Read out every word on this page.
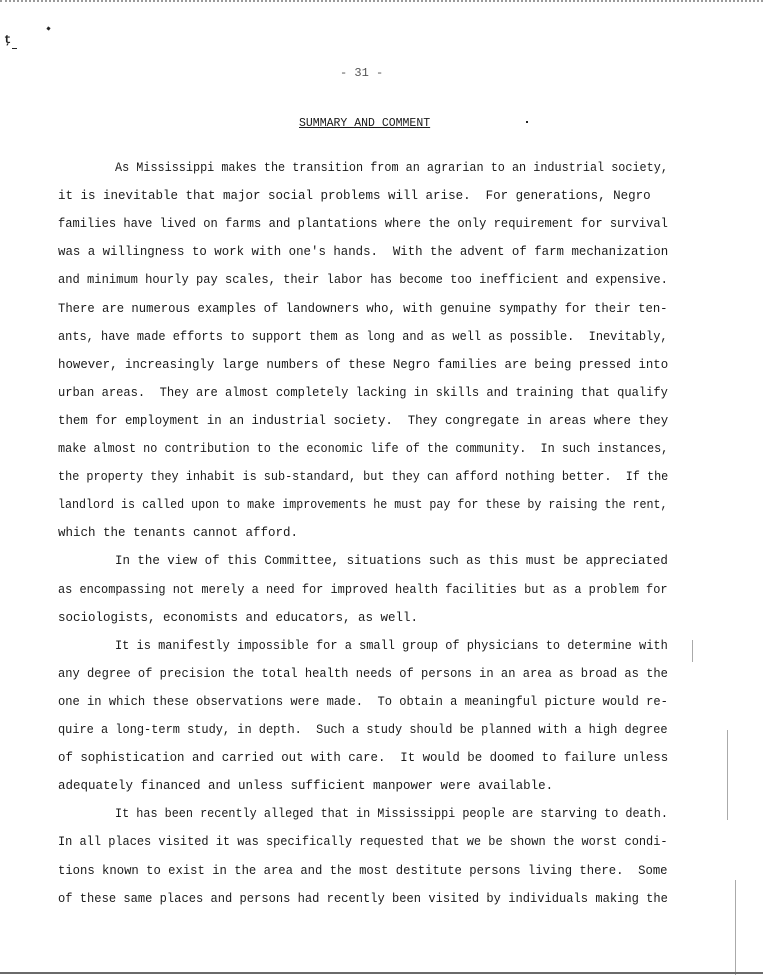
ţ
- 31 -
SUMMARY AND COMMENT
As Mississippi makes the transition from an agrarian to an industrial society,
it is inevitable that major social problems will arise.  For generations, Negro
families have lived on farms and plantations where the only requirement for survival
was a willingness to work with one's hands.  With the advent of farm mechanization
and minimum hourly pay scales, their labor has become too inefficient and expensive.
There are numerous examples of landowners who, with genuine sympathy for their ten-
ants, have made efforts to support them as long and as well as possible.  Inevitably,
however, increasingly large numbers of these Negro families are being pressed into
urban areas.  They are almost completely lacking in skills and training that qualify
them for employment in an industrial society.  They congregate in areas where they
make almost no contribution to the economic life of the community.  In such instances,
the property they inhabit is sub-standard, but they can afford nothing better.  If the
landlord is called upon to make improvements he must pay for these by raising the rent,
which the tenants cannot afford.
In the view of this Committee, situations such as this must be appreciated
as encompassing not merely a need for improved health facilities but as a problem for
sociologists, economists and educators, as well.
It is manifestly impossible for a small group of physicians to determine with
any degree of precision the total health needs of persons in an area as broad as the
one in which these observations were made.  To obtain a meaningful picture would re-
quire a long-term study, in depth.  Such a study should be planned with a high degree
of sophistication and carried out with care.  It would be doomed to failure unless
adequately financed and unless sufficient manpower were available.
It has been recently alleged that in Mississippi people are starving to death.
In all places visited it was specifically requested that we be shown the worst condi-
tions known to exist in the area and the most destitute persons living there.  Some
of these same places and persons had recently been visited by individuals making the
